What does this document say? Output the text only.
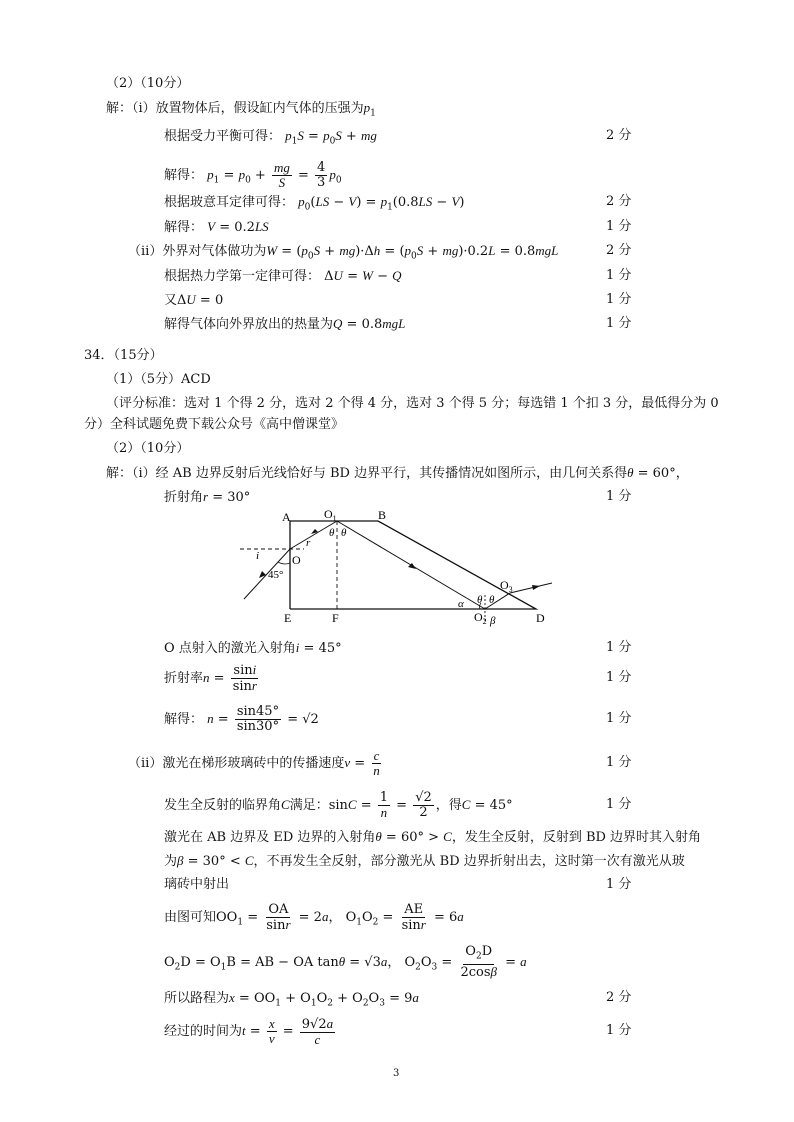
（2）（10分）
解：（ⅰ）放置物体后，假设缸内气体的压强为$p_1$
根据受力平衡可得： $p_1S = p_0S$ + mg	2 分
解得： $p_1 = p_0 + \frac{mg}{S} = \frac{4}{3} p_0$
根据玻意耳定律可得： $p_0(LS - V) = p_1(0.8LS - V)$	2 分
解得： V = 0.2LS	1 分
（ⅱ）外界对气体做功为$W = (p_0S + mg)\cdot\Delta h = (p_0S + mg)\cdot 0.2L = 0.8mgL$	2 分
根据热力学第一定律可得： ΔU = W − Q	1 分
又ΔU = 0	1 分
解得气体向外界放出的热量为Q = 0.8mgL	1 分
34．（15分）
（1）（5分）ACD
（评分标准：选对 1 个得 2 分，选对 2 个得 4 分，选对 3 个得 5 分；每选错 1 个扣 3 分，最低得分为 0
分）全科试题免费下载公众号《高中僧课堂》
（2）（10分）
解：（ⅰ）经 AB 边界反射后光线恰好与 BD 边界平行，其传播情况如图所示，由几何关系得θ = 60°，
折射角r = 30°	1 分
A	B
E	F	D
O
$O_1$
$O_2$
$O_3$
45°
i
r
θ θ
θ θ
α
β
O 点射入的激光入射角i = 45°	1 分
折射率$n = \frac{\sin i}{\sin r}$	1 分
解得： $n = \frac{\sin 45^\circ}{\sin 30^\circ} = √2$	1 分
（ⅱ）激光在梯形玻璃砖中的传播速度$v = \frac{c}{n}$	1 分
发生全反射的临界角C满足：$\sin C = \frac{1}{n} = \frac{√2}{2}$ ，得C = 45°	1 分
激光在 AB 边界及 ED 边界的入射角θ = 60° > C，发生全反射，反射到 BD 边界时其入射角
为β = 30° < C，不再发生全反射，部分激光从 BD 边界折射出去，这时第一次有激光从玻
璃砖中射出	1 分
由图可知$OO_1 = \frac{OA}{\sin r} = 2a$， $O_1O_2 = \frac{AE}{\sin r} = 6a$
$O_2D = O_1B$ = AB − OA tanθ = √3a， $O_2O_3 = \frac{O_2D}{2\cos\beta} = a$
所以路程为$x = OO_1 + O_1O_2 + O_2O_3 = 9a$	2 分
经过的时间为$t = \frac{x}{v} = \frac{9√2a}{c}$	1 分
3
